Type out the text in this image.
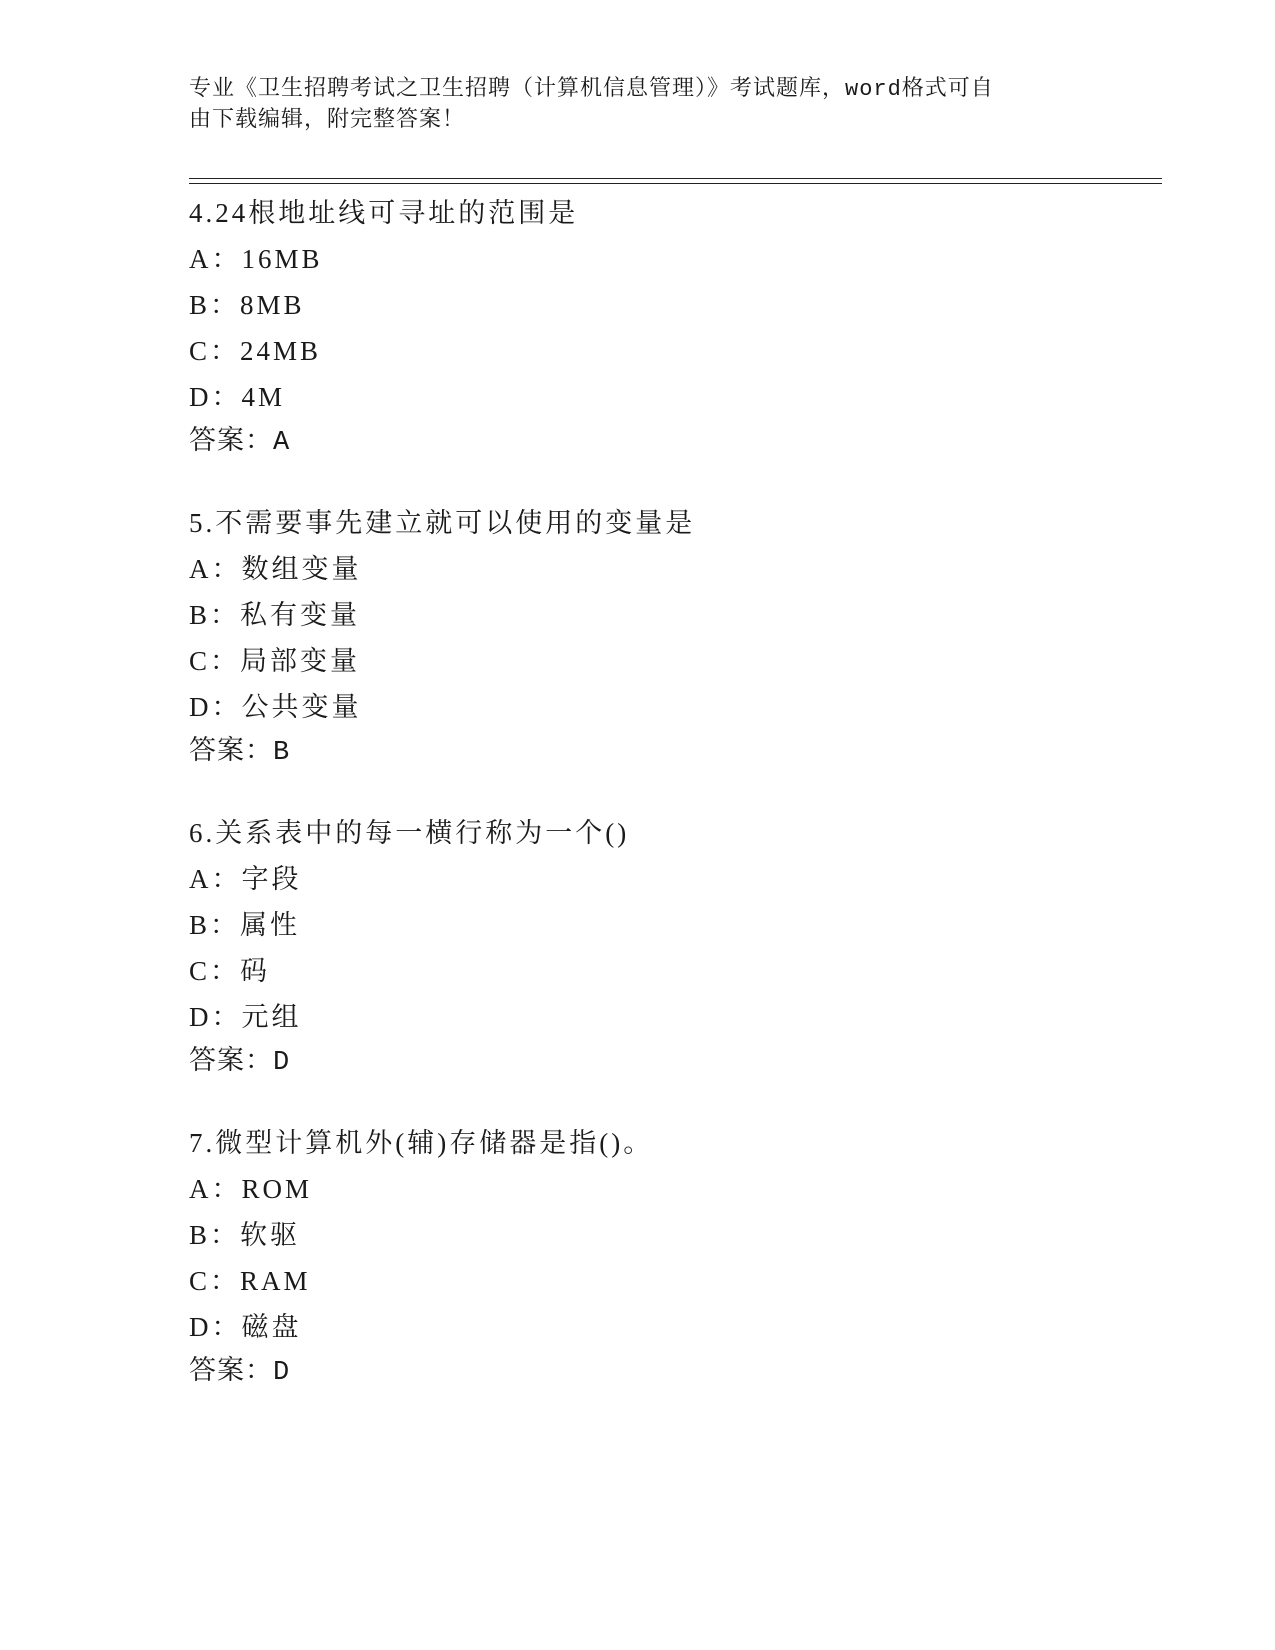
专业《卫生招聘考试之卫生招聘（计算机信息管理）》考试题库，word格式可自
由下载编辑，附完整答案！
4.24根地址线可寻址的范围是
A：16MB
B：8MB
C：24MB
D：4M
答案：A
5.不需要事先建立就可以使用的变量是
A：数组变量
B：私有变量
C：局部变量
D：公共变量
答案：B
6.关系表中的每一横行称为一个()
A：字段
B：属性
C：码
D：元组
答案：D
7.微型计算机外(辅)存储器是指()。
A：ROM
B：软驱
C：RAM
D：磁盘
答案：D
